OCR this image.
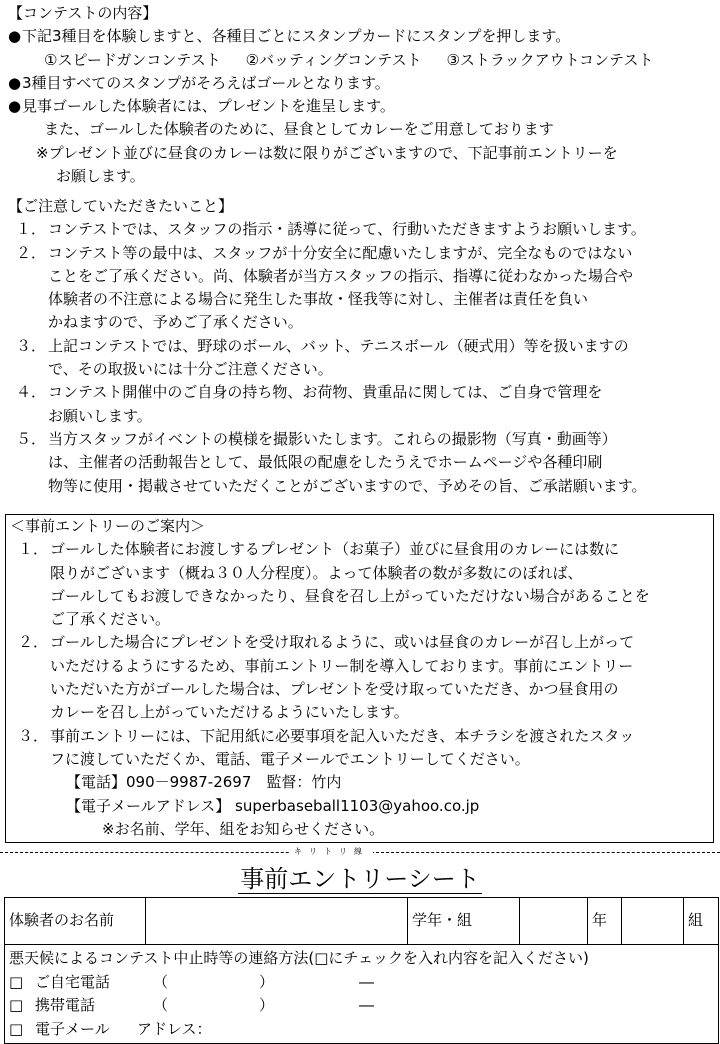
【コンテストの内容】
●下記3種目を体験しますと、各種目ごとにスタンプカードにスタンプを押します。
①スピードガンコンテスト ②バッティングコンテスト ③ストラックアウトコンテスト
●3種目すべてのスタンプがそろえばゴールとなります。
●見事ゴールした体験者には、プレゼントを進呈します。
また、ゴールした体験者のために、昼食としてカレーをご用意しております
※プレゼント並びに昼食のカレーは数に限りがございますので、下記事前エントリーを
お願します。
【ご注意していただきたいこと】
１． コンテストでは、スタッフの指示・誘導に従って、行動いただきますようお願いします。
２． コンテスト等の最中は、スタッフが十分安全に配慮いたしますが、完全なものではない
ことをご了承ください。尚、体験者が当方スタッフの指示、指導に従わなかった場合や
体験者の不注意による場合に発生した事故・怪我等に対し、主催者は責任を負い
かねますので、予めご了承ください。
３． 上記コンテストでは、野球のボール、バット、テニスボール（硬式用）等を扱いますの
で、その取扱いには十分ご注意ください。
４． コンテスト開催中のご自身の持ち物、お荷物、貴重品に関しては、ご自身で管理を
お願いします。
５． 当方スタッフがイベントの模様を撮影いたします。これらの撮影物（写真・動画等）
は、主催者の活動報告として、最低限の配慮をしたうえでホームページや各種印刷
物等に使用・掲載させていただくことがございますので、予めその旨、ご承諾願います。
＜事前エントリーのご案内＞
１． ゴールした体験者にお渡しするプレゼント（お菓子）並びに昼食用のカレーには数に
限りがございます（概ね３０人分程度）。よって体験者の数が多数にのぼれば、
ゴールしてもお渡しできなかったり、昼食を召し上がっていただけない場合があることを
ご了承ください。
２． ゴールした場合にプレゼントを受け取れるように、或いは昼食のカレーが召し上がって
いただけるようにするため、事前エントリー制を導入しております。事前にエントリー
いただいた方がゴールした場合は、プレゼントを受け取っていただき、かつ昼食用の
カレーを召し上がっていただけるようにいたします。
３． 事前エントリーには、下記用紙に必要事項を記入いただき、本チラシを渡されたスタッ
フに渡していただくか、電話、電子メールでエントリーしてください。
【電話】090－9987-2697　監督：竹内
【電子メールアドレス】 superbaseball1103@yahoo.co.jp
※お名前、学年、組をお知らせください。
キリトリ線
事前エントリーシート
体験者のお名前		学年・組		年		組

悪天候によるコンテスト中止時等の連絡方法(□にチェックを入れ内容を記入ください)
□ ご自宅電話	（	）	―
□ 携帯電話	（	）	―
□ 電子メール アドレス：
